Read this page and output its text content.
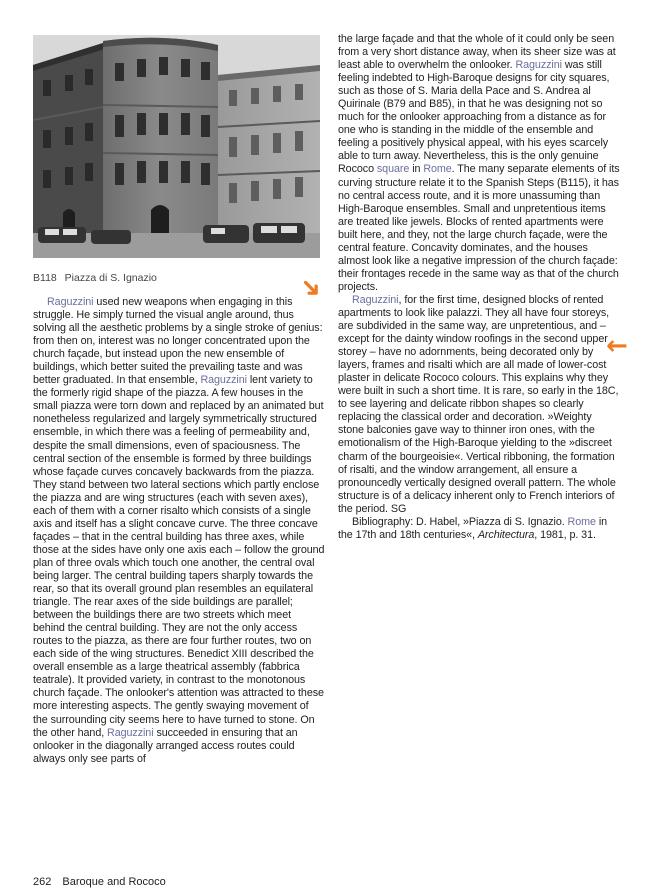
B118 Piazza di S. Ignazio	➜
←

Raguzzini used new weapons when engaging in this struggle. He simply turned the visual angle around, thus solving all the aesthetic problems by a single stroke of genius: from then on, interest was no longer concentrated upon the church façade, but instead upon the new ensemble of buildings, which better suited the prevailing taste and was better graduated. In that ensemble, Raguzzini lent variety to the formerly rigid shape of the piazza. A few houses in the small piazza were torn down and replaced by an animated but nonetheless regularized and largely symmetrically structured ensemble, in which there was a feeling of permeability and, despite the small dimensions, even of spaciousness. The central section of the ensemble is formed by three buildings whose façade curves concavely backwards from the piazza. They stand between two lateral sections which partly enclose the piazza and are wing structures (each with seven axes), each of them with a corner risalto which consists of a single axis and itself has a slight concave curve. The three concave façades – that in the central building has three axes, while those at the sides have only one axis each – follow the ground plan of three ovals which touch one another, the central oval being larger. The central building tapers sharply towards the rear, so that its overall ground plan resembles an equilateral triangle. The rear axes of the side buildings are parallel; between the buildings there are two streets which meet behind the central building. They are not the only access routes to the piazza, as there are four further routes, two on each side of the wing structures. Benedict XIII described the overall ensemble as a large theatrical assembly (fabbrica teatrale). It provided variety, in contrast to the monotonous church façade. The onlooker's attention was attracted to these more interesting aspects. The gently swaying movement of the surrounding city seems here to have turned to stone. On the other hand, Raguzzini succeeded in ensuring that an onlooker in the diagonally arranged access routes could always only see parts of

the large façade and that the whole of it could only be seen from a very short distance away, when its sheer size was at least able to overwhelm the onlooker. Raguzzini was still feeling indebted to High-Baroque designs for city squares, such as those of S. Maria della Pace and S. Andrea al Quirinale (B79 and B85), in that he was designing not so much for the onlooker approaching from a distance as for one who is standing in the middle of the ensemble and feeling a positively physical appeal, with his eyes scarcely able to turn away. Nevertheless, this is the only genuine Rococo square in Rome. The many separate elements of its curving structure relate it to the Spanish Steps (B115), it has no central access route, and it is more unassuming than High-Baroque ensembles. Small and unpretentious items are treated like jewels. Blocks of rented apartments were built here, and they, not the large church façade, were the central feature. Concavity dominates, and the houses almost look like a negative impression of the church façade: their frontages recede in the same way as that of the church projects.

Raguzzini, for the first time, designed blocks of rented apartments to look like palazzi. They all have four storeys, are subdivided in the same way, are unpretentious, and – except for the dainty window roofings in the second upper storey – have no adornments, being decorated only by layers, frames and risalti which are all made of lower-cost plaster in delicate Rococo colours. This explains why they were built in such a short time. It is rare, so early in the 18C, to see layering and delicate ribbon shapes so clearly replacing the classical order and decoration. »Weighty stone balconies gave way to thinner iron ones, with the emotionalism of the High-Baroque yielding to the »discreet charm of the bourgeoisie«. Vertical ribboning, the formation of risalti, and the window arrangement, all ensure a pronouncedly vertically designed overall pattern. The whole structure is of a delicacy inherent only to French interiors of the period. SG

Bibliography: D. Habel, »Piazza di S. Ignazio. Rome in the 17th and 18th centuries«, Architectura, 1981, p. 31.

262 Baroque and Rococo
